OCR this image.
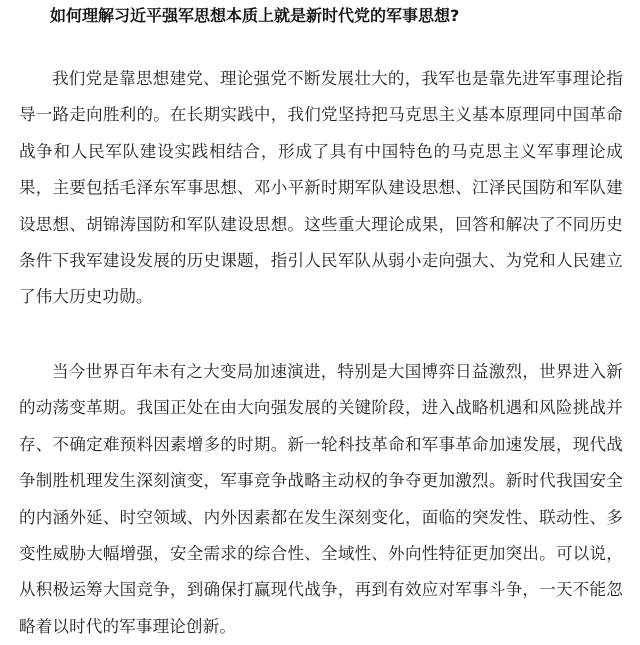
如何理解习近平强军思想本质上就是新时代党的军事思想?

我们党是靠思想建党、理论强党不断发展壮大的，我军也是靠先进军事理论指导一路走向胜利的。在长期实践中，我们党坚持把马克思主义基本原理同中国革命战争和人民军队建设实践相结合，形成了具有中国特色的马克思主义军事理论成果，主要包括毛泽东军事思想、邓小平新时期军队建设思想、江泽民国防和军队建设思想、胡锦涛国防和军队建设思想。这些重大理论成果，回答和解决了不同历史条件下我军建设发展的历史课题，指引人民军队从弱小走向强大、为党和人民建立了伟大历史功勋。

当今世界百年未有之大变局加速演进，特别是大国博弈日益激烈，世界进入新的动荡变革期。我国正处在由大向强发展的关键阶段，进入战略机遇和风险挑战并存、不确定难预料因素增多的时期。新一轮科技革命和军事革命加速发展，现代战争制胜机理发生深刻演变，军事竞争战略主动权的争夺更加激烈。新时代我国安全的内涵外延、时空领域、内外因素都在发生深刻变化，面临的突发性、联动性、多变性威胁大幅增强，安全需求的综合性、全域性、外向性特征更加突出。可以说，从积极运筹大国竞争，到确保打赢现代战争，再到有效应对军事斗争，一天不能忽略着以时代的军事理论创新。
